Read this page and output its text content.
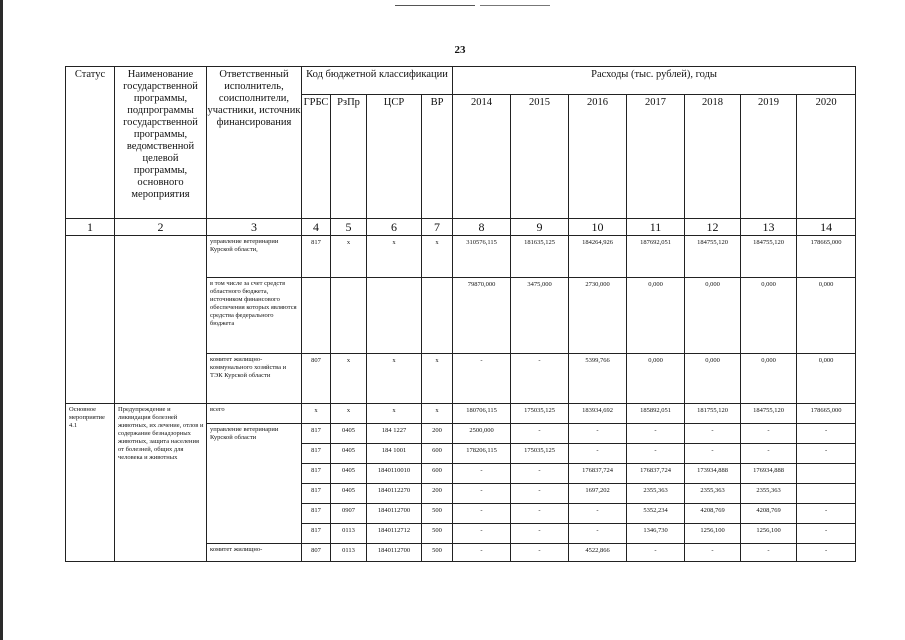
23
Статус	Наименование государственной программы, подпрограммы государственной программы, ведомственной целевой программы, основного мероприятия	Ответственный исполнитель, соисполнители, участники, источник финансирования	Код бюджетной классификации				Расходы (тыс. рублей), годы						
			ГРБС	РзПр	ЦСР	ВР	2014	2015	2016	2017	2018	2019	2020
1	2	3	4	5	6	7	8	9	10	11	12	13	14
		управление ветеринарии Курской области,	817	х	х	х	310576,115	181635,125	184264,926	187692,051	184755,120	184755,120	178665,000
		в том числе за счет средств областного бюджета, источником финансового обеспечения которых являются средства федерального бюджета					79870,000	3475,000	2730,000	0,000	0,000	0,000	0,000
		комитет жилищно-коммунального хозяйства и ТЭК Курской области	807	х	х	х	-	-	5399,766	0,000	0,000	0,000	0,000
Основное мероприятие 4.1	Предупреждение и ликвидация болезней животных, их лечение, отлов и содержание безнадзорных животных, защита населения от болезней, общих для человека и животных	всего	х	х	х	х	180706,115	175035,125	183934,692	185892,051	181755,120	184755,120	178665,000
		управление ветеринарии Курской области	817	0405	184 1227	200	2500,000	-	-	-	-	-	-
			817	0405	184 1001	600	178206,115	175035,125	-	-	-	-	-
			817	0405	1840110010	600	-	-	176837,724	176837,724	173934,888	176934,888	
			817	0405	1840112270	200	-	-	1697,202	2355,363	2355,363	2355,363	
			817	0907	1840112700	500	-	-	-	5352,234	4208,769	4208,769	-
			817	0113	1840112712	500	-	-	-	1346,730	1256,100	1256,100	-
		комитет жилищно-	807	0113	1840112700	500	-	-	4522,866	-	-	-	-
